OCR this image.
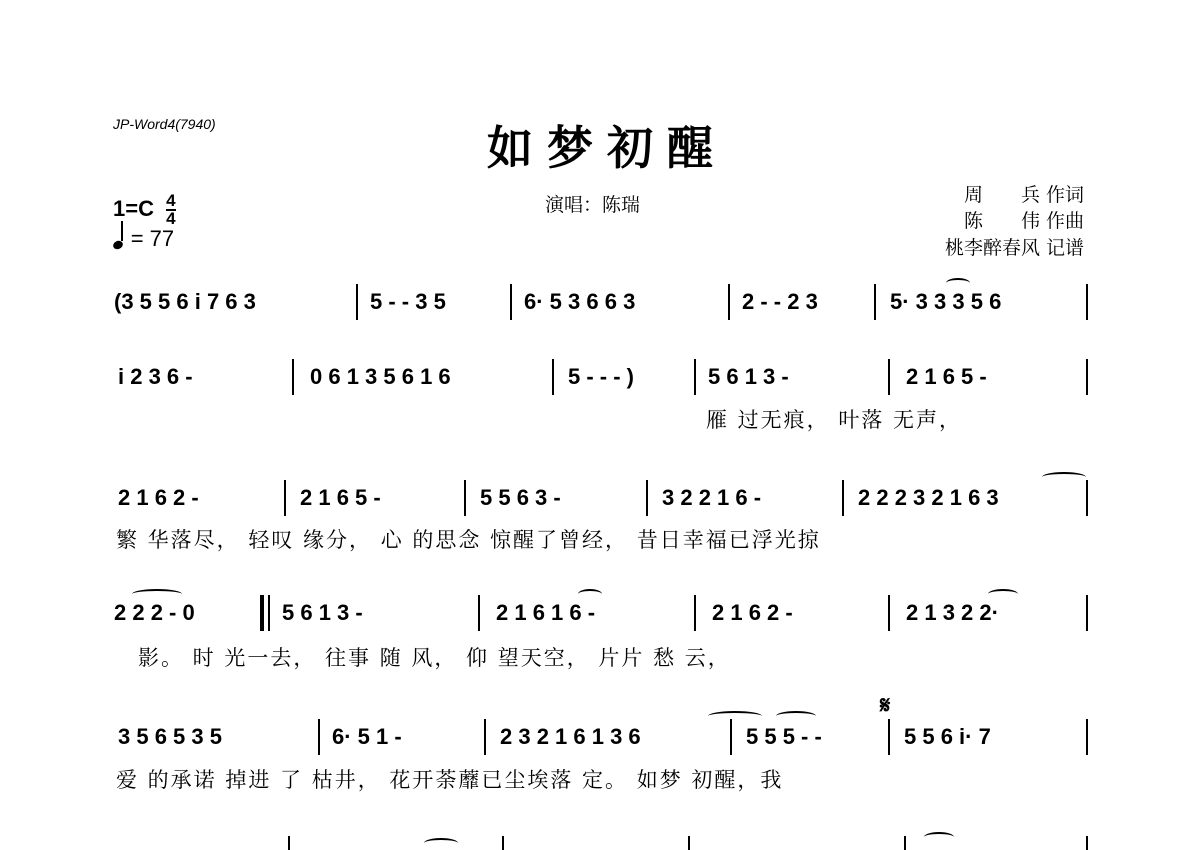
JP-Word4(7940)	如梦初醒
$1=C \frac{4}{4}$
= 77
演唱：陈瑞	周　　兵 作词
陈　　伟 作曲
桃李醉春风 记谱
(3 5 5 6 i 7 6 3	5 - - 3 5	6· 5 3 6 6 3	2 - - 2 3	5· 3 3 3 5 6
i 2 3 6 -	0 6 1 3 5 6 1 6	5 - - - )	5 6 1 3 -	2 1 6 5 -
雁 过无痕， 叶落 无声，
2 1 6 2 -	2 1 6 5 -	5 5 6 3 -	3 2 2 1 6 -	2 2 2 3 2 1 6 3
繁 华落尽， 轻叹 缘分， 心 的思念 惊醒了曾经， 昔日幸福已浮光掠
2 2 2 - 0	5 6 1 3 -	2 1 6 1 6 -	2 1 6 2 -	2 1 3 2 2·
影。 时 光一去， 往事 随 风， 仰 望天空， 片片 愁 云，
𝄋
3 5 6 5 3 5	6· 5 1 -	2 3 2 1 6 1 3 6	5 5 5 - -	5 5 6 i· 7
爱 的承诺 掉进 了 枯井， 花开荼蘼已尘埃落 定。 如梦 初醒，我
